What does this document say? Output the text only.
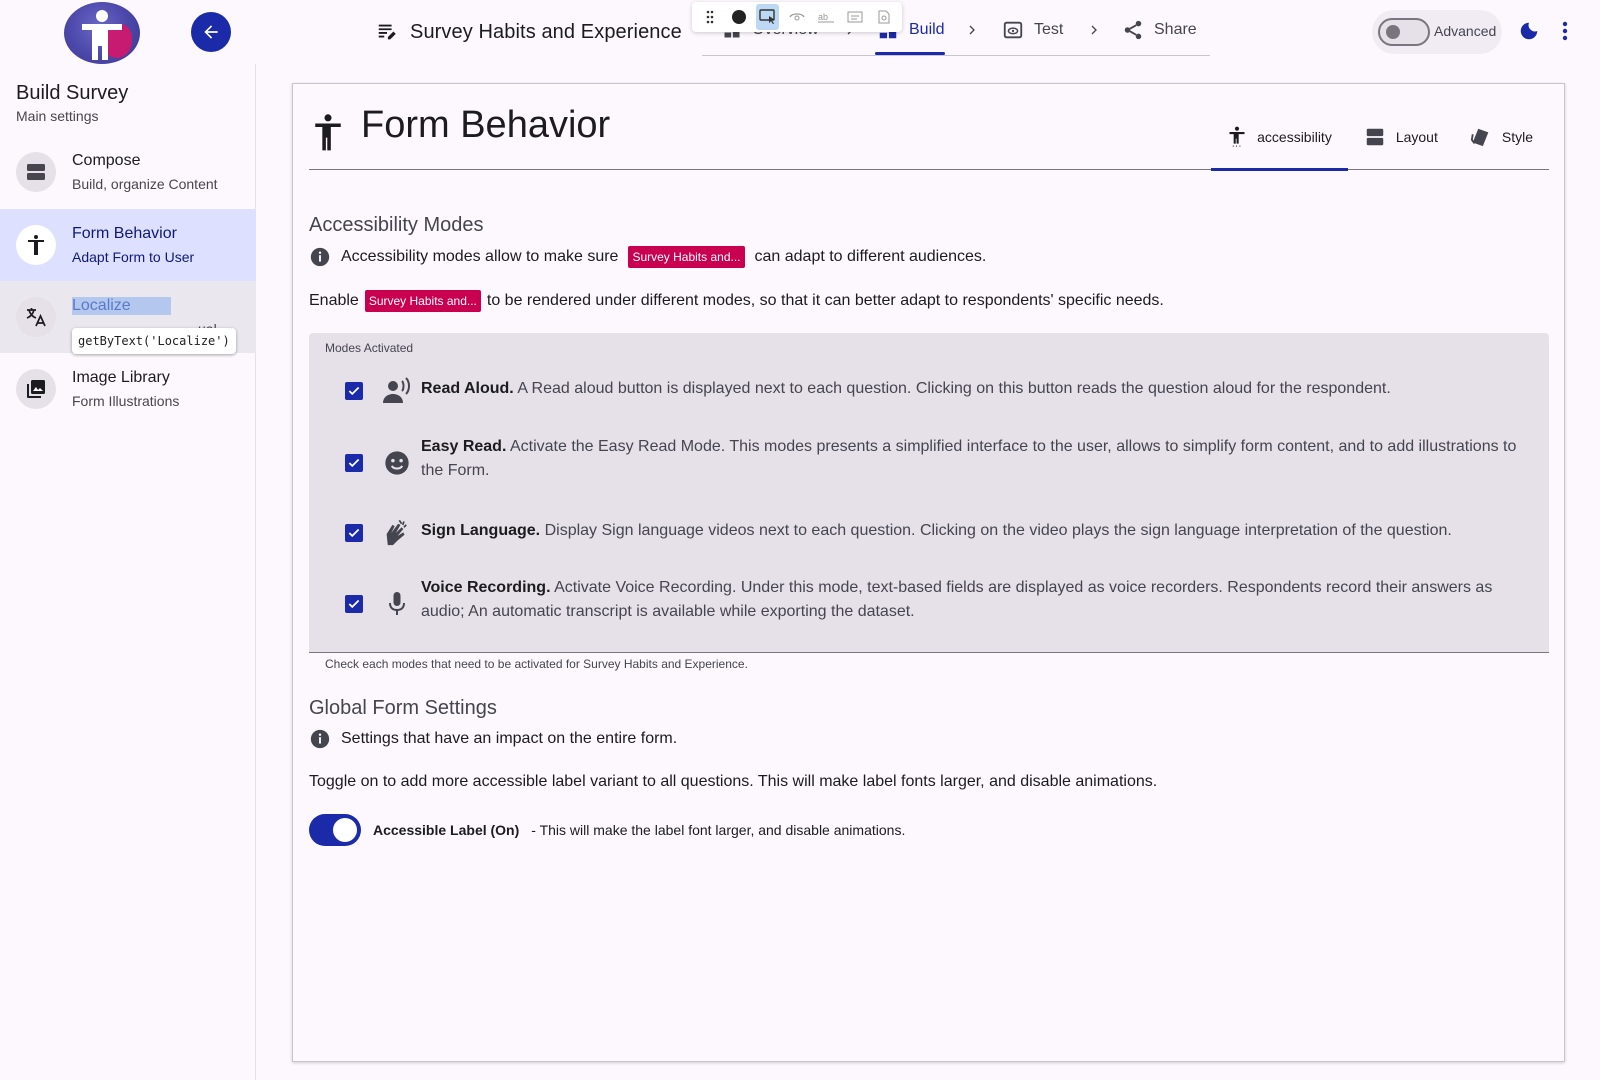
Survey Habits and Experience	Build	Test	Share
ab
Advanced
Build Survey
Main settings
Compose
Build, organize Content
Form Behavior
Adapt Form to User
Localize
Image Library
Form Illustrations
getByText('Localize')
Form Behavior	accessibility	Layout	Style
Accessibility Modes
Accessibility modes allow to make sure	Survey Habits and... can adapt to different audiences.
Enable Survey Habits and... to be rendered under different modes, so that it can better adapt to respondents' specific needs.
Modes Activated
Read Aloud. A Read aloud button is displayed next to each question. Clicking on this button reads the question aloud for the respondent.
Easy Read. Activate the Easy Read Mode. This modes presents a simplified interface to the user, allows to simplify form content, and to add illustrations to the Form.
Sign Language. Display Sign language videos next to each question. Clicking on the video plays the sign language interpretation of the question.
Voice Recording. Activate Voice Recording. Under this mode, text-based fields are displayed as voice recorders. Respondents record their answers as audio; An automatic transcript is available while exporting the dataset.
Check each modes that need to be activated for Survey Habits and Experience.
Global Form Settings
Settings that have an impact on the entire form.
Toggle on to add more accessible label variant to all questions. This will make label fonts larger, and disable animations.
Accessible Label (On) - This will make the label font larger, and disable animations.
